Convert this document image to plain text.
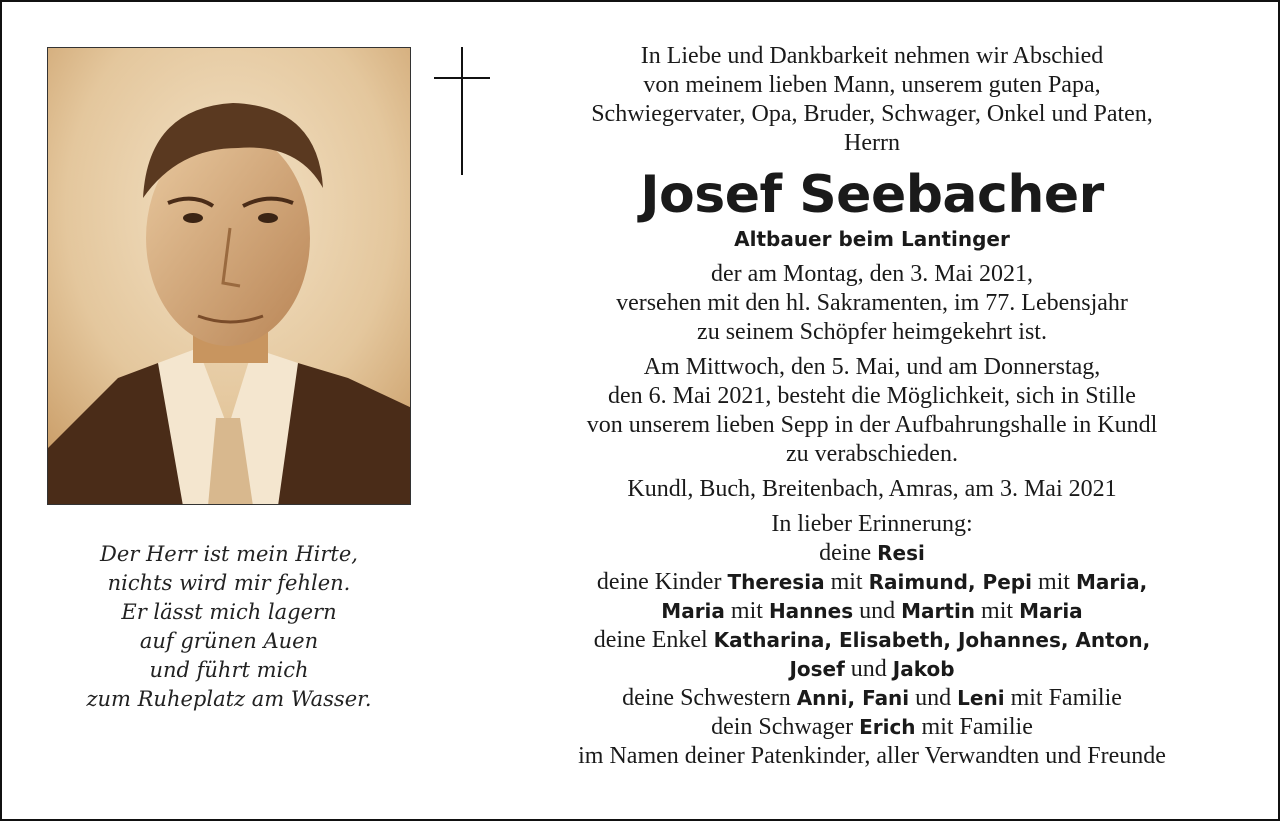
Der Herr ist mein Hirte,
nichts wird mir fehlen.
Er lässt mich lagern
auf grünen Auen
und führt mich
zum Ruheplatz am Wasser.
In Liebe und Dankbarkeit nehmen wir Abschied
von meinem lieben Mann, unserem guten Papa,
Schwiegervater, Opa, Bruder, Schwager, Onkel und Paten,
Herrn
Josef Seebacher
Altbauer beim Lantinger
der am Montag, den 3. Mai 2021,
versehen mit den hl. Sakramenten, im 77. Lebensjahr
zu seinem Schöpfer heimgekehrt ist.
Am Mittwoch, den 5. Mai, und am Donnerstag,
den 6. Mai 2021, besteht die Möglichkeit, sich in Stille
von unserem lieben Sepp in der Aufbahrungshalle in Kundl
zu verabschieden.
Kundl, Buch, Breitenbach, Amras, am 3. Mai 2021
In lieber Erinnerung:
deine Resi
deine Kinder Theresia mit Raimund, Pepi mit Maria,
Maria mit Hannes und Martin mit Maria
deine Enkel Katharina, Elisabeth, Johannes, Anton,
Josef und Jakob
deine Schwestern Anni, Fani und Leni mit Familie
dein Schwager Erich mit Familie
im Namen deiner Patenkinder, aller Verwandten und Freunde
